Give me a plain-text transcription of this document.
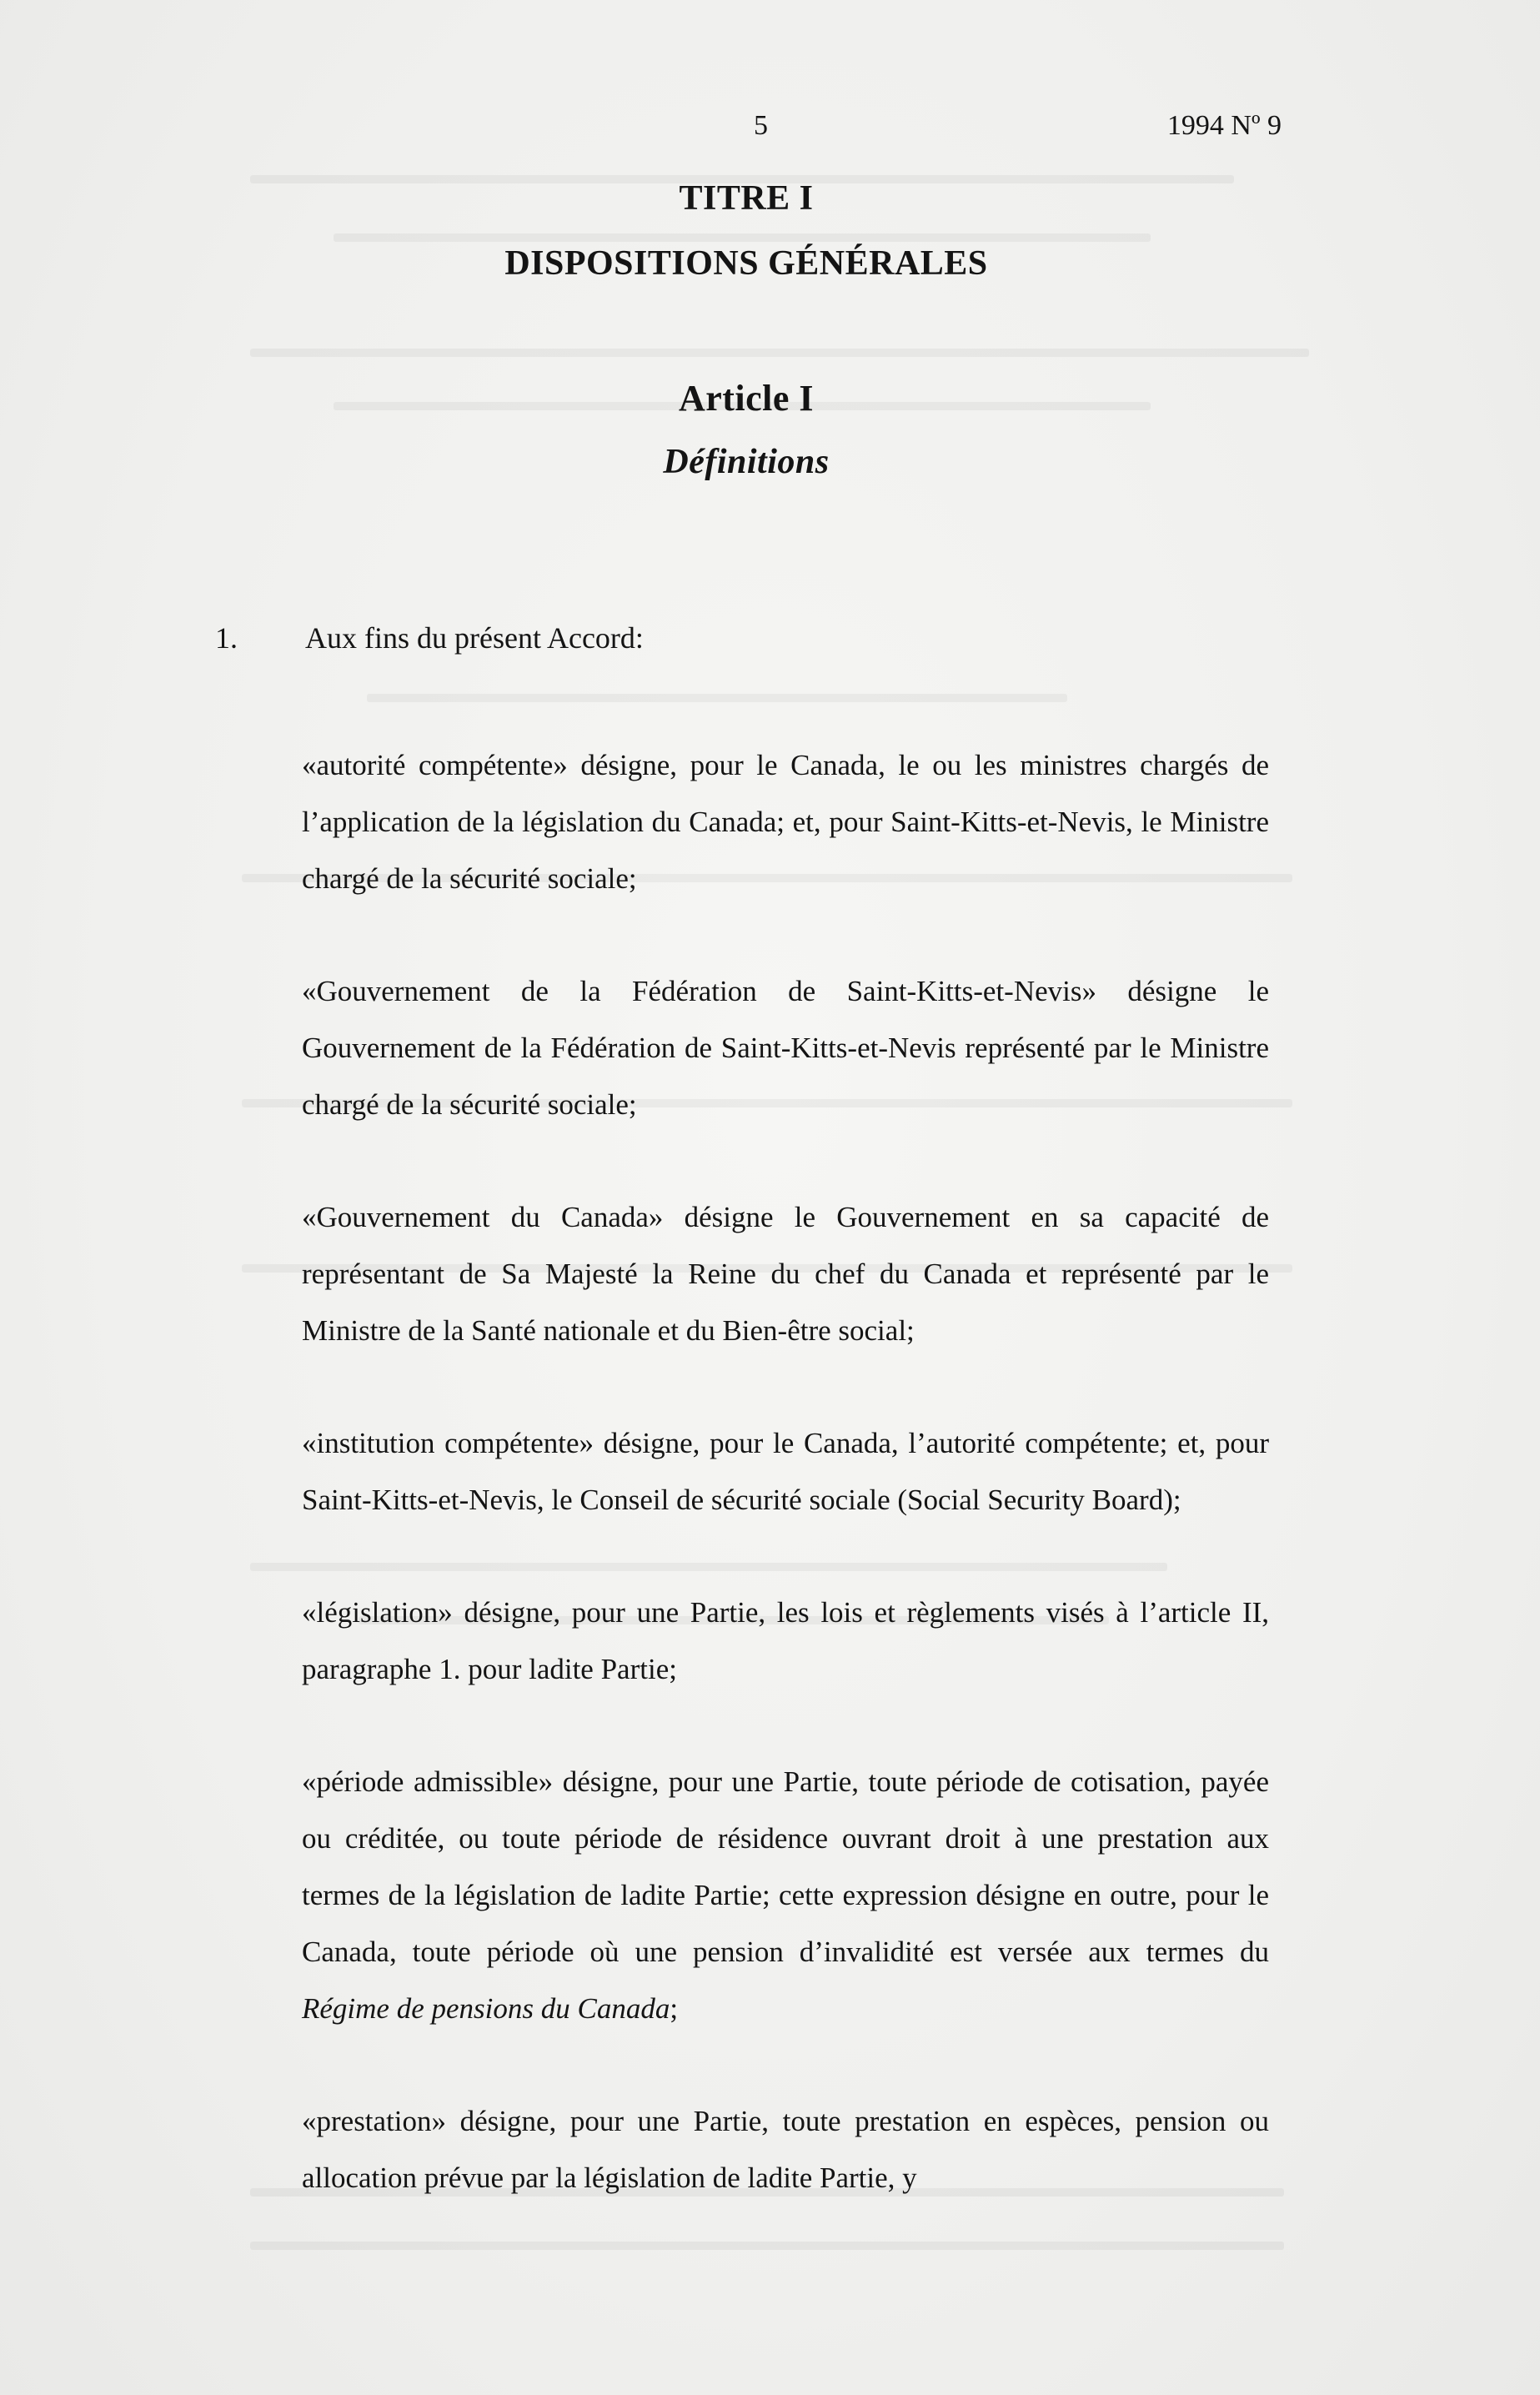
5	1994 Nº 9
TITRE I
DISPOSITIONS GÉNÉRALES
Article I
Définitions
1. Aux fins du présent Accord:
«autorité compétente» désigne, pour le Canada, le ou les ministres chargés de l’application de la législation du Canada; et, pour Saint-Kitts-et-Nevis, le Ministre chargé de la sécurité sociale;
«Gouvernement de la Fédération de Saint-Kitts-et-Nevis» désigne le Gouvernement de la Fédération de Saint-Kitts-et-Nevis représenté par le Ministre chargé de la sécurité sociale;
«Gouvernement du Canada» désigne le Gouvernement en sa capacité de représentant de Sa Majesté la Reine du chef du Canada et représenté par le Ministre de la Santé nationale et du Bien-être social;
«institution compétente» désigne, pour le Canada, l’autorité compétente; et, pour Saint-Kitts-et-Nevis, le Conseil de sécurité sociale (Social Security Board);
«législation» désigne, pour une Partie, les lois et règlements visés à l’article II, paragraphe 1. pour ladite Partie;
«période admissible» désigne, pour une Partie, toute période de cotisation, payée ou créditée, ou toute période de résidence ouvrant droit à une prestation aux termes de la législation de ladite Partie; cette expression désigne en outre, pour le Canada, toute période où une pension d’invalidité est versée aux termes du Régime de pensions du Canada;
«prestation» désigne, pour une Partie, toute prestation en espèces, pension ou allocation prévue par la législation de ladite Partie, y
